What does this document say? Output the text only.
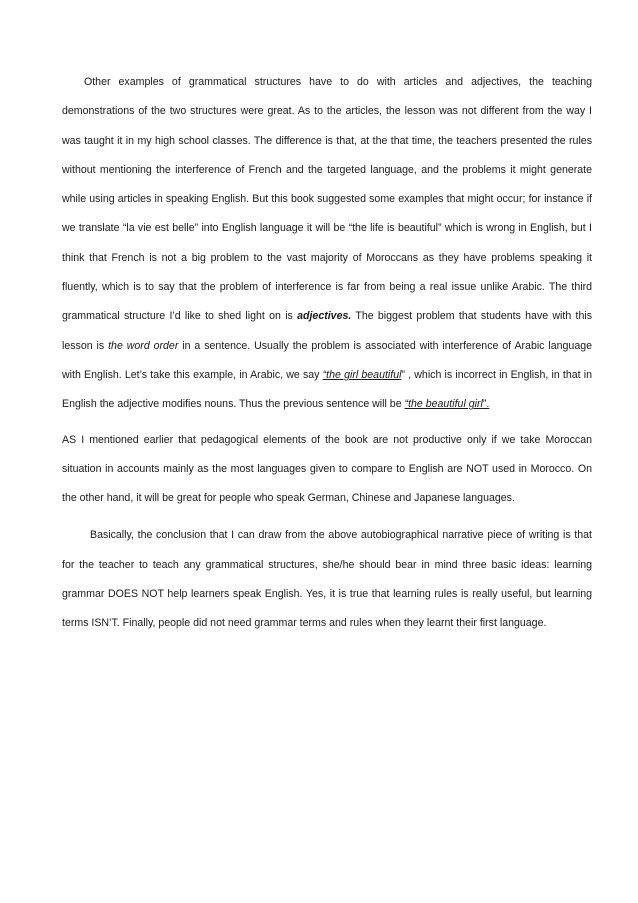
Other examples of grammatical structures have to do with articles and adjectives, the teaching demonstrations of the two structures were great. As to the articles, the lesson was not different from the way I was taught it in my high school classes. The difference is that, at the that time, the teachers presented the rules without mentioning the interference of French and the targeted language, and the problems it might generate while using articles in speaking English. But this book suggested some examples that might occur; for instance if we translate “la vie est belle” into English language it will be “the life is beautiful” which is wrong in English, but I think that French is not a big problem to the vast majority of Moroccans as they have problems speaking it fluently, which is to say that the problem of interference is far from being a real issue unlike Arabic. The third grammatical structure I’d like to shed light on is adjectives. The biggest problem that students have with this lesson is the word order in a sentence. Usually the problem is associated with interference of Arabic language with English. Let’s take this example, in Arabic, we say “the girl beautiful” , which is incorrect in English, in that in English the adjective modifies nouns. Thus the previous sentence will be “the beautiful girl”.

AS I mentioned earlier that pedagogical elements of the book are not productive only if we take Moroccan situation in accounts mainly as the most languages given to compare to English are NOT used in Morocco. On the other hand, it will be great for people who speak German, Chinese and Japanese languages.

Basically, the conclusion that I can draw from the above autobiographical narrative piece of writing is that for the teacher to teach any grammatical structures, she/he should bear in mind three basic ideas: learning grammar DOES NOT help learners speak English. Yes, it is true that learning rules is really useful, but learning terms ISN’T. Finally, people did not need grammar terms and rules when they learnt their first language.
